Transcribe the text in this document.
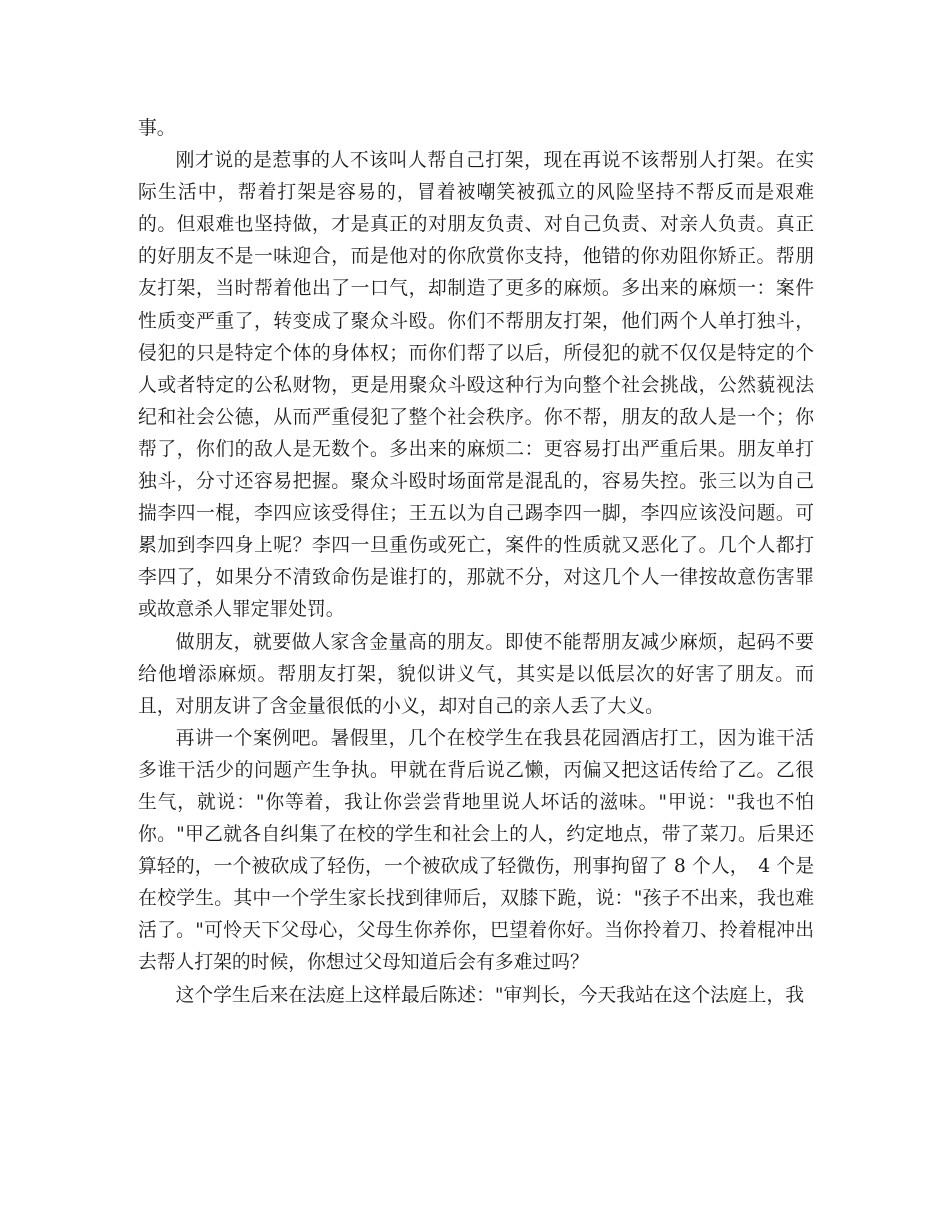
事。

刚才说的是惹事的人不该叫人帮自己打架，现在再说不该帮别人打架。在实际生活中，帮着打架是容易的，冒着被嘲笑被孤立的风险坚持不帮反而是艰难的。但艰难也坚持做，才是真正的对朋友负责、对自己负责、对亲人负责。真正的好朋友不是一味迎合，而是他对的你欣赏你支持，他错的你劝阻你矫正。帮朋友打架，当时帮着他出了一口气，却制造了更多的麻烦。多出来的麻烦一：案件性质变严重了，转变成了聚众斗殴。你们不帮朋友打架，他们两个人单打独斗，侵犯的只是特定个体的身体权；而你们帮了以后，所侵犯的就不仅仅是特定的个人或者特定的公私财物，更是用聚众斗殴这种行为向整个社会挑战，公然藐视法纪和社会公德，从而严重侵犯了整个社会秩序。你不帮，朋友的敌人是一个；你帮了，你们的敌人是无数个。多出来的麻烦二：更容易打出严重后果。朋友单打独斗，分寸还容易把握。聚众斗殴时场面常是混乱的，容易失控。张三以为自己揣李四一棍，李四应该受得住；王五以为自己踢李四一脚，李四应该没问题。可累加到李四身上呢？李四一旦重伤或死亡，案件的性质就又恶化了。几个人都打李四了，如果分不清致命伤是谁打的，那就不分，对这几个人一律按故意伤害罪或故意杀人罪定罪处罚。

做朋友，就要做人家含金量高的朋友。即使不能帮朋友减少麻烦，起码不要给他增添麻烦。帮朋友打架，貌似讲义气，其实是以低层次的好害了朋友。而且，对朋友讲了含金量很低的小义，却对自己的亲人丢了大义。

再讲一个案例吧。暑假里，几个在校学生在我县花园酒店打工，因为谁干活多谁干活少的问题产生争执。甲就在背后说乙懒，丙偏又把这话传给了乙。乙很生气，就说："你等着，我让你尝尝背地里说人坏话的滋味。"甲说："我也不怕你。"甲乙就各自纠集了在校的学生和社会上的人，约定地点，带了菜刀。后果还算轻的，一个被砍成了轻伤，一个被砍成了轻微伤，刑事拘留了 8 个人，　4 个是在校学生。其中一个学生家长找到律师后，双膝下跪，说："孩子不出来，我也难活了。"可怜天下父母心，父母生你养你，巴望着你好。当你拎着刀、拎着棍冲出去帮人打架的时候，你想过父母知道后会有多难过吗？

这个学生后来在法庭上这样最后陈述："审判长，今天我站在这个法庭上，我
